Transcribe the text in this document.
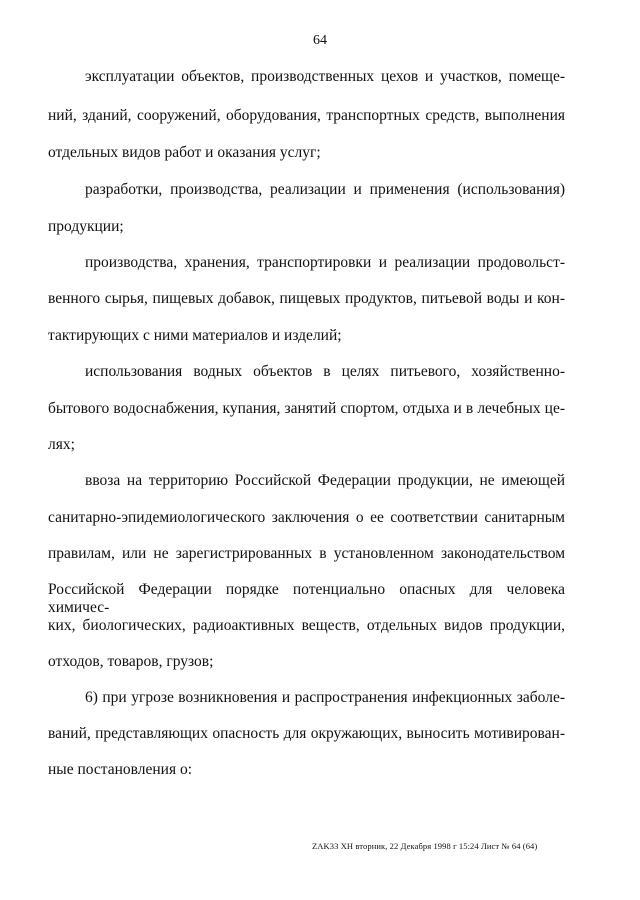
64
эксплуатации объектов, производственных цехов и участков, помеще-
ний, зданий, сооружений, оборудования, транспортных средств, выполнения
отдельных видов работ и оказания услуг;
разработки, производства, реализации и применения (использования)
продукции;
производства, хранения, транспортировки и реализации продовольст-
венного сырья, пищевых добавок, пищевых продуктов, питьевой воды и кон-
тактирующих с ними материалов и изделий;
использования водных объектов в целях питьевого, хозяйственно-
бытового водоснабжения, купания, занятий спортом, отдыха и в лечебных це-
лях;
ввоза на территорию Российской Федерации продукции, не имеющей
санитарно-эпидемиологического заключения о ее соответствии санитарным
правилам, или не зарегистрированных в установленном законодательством
Российской Федерации порядке потенциально опасных для человека химичес-
ких, биологических, радиоактивных веществ, отдельных видов продукции,
отходов, товаров, грузов;
6) при угрозе возникновения и распространения инфекционных заболе-
ваний, представляющих опасность для окружающих, выносить мотивирован-
ные постановления о:
ZAK33 XH вторник, 22 Декабря 1998 г 15:24 Лист № 64 (64)
